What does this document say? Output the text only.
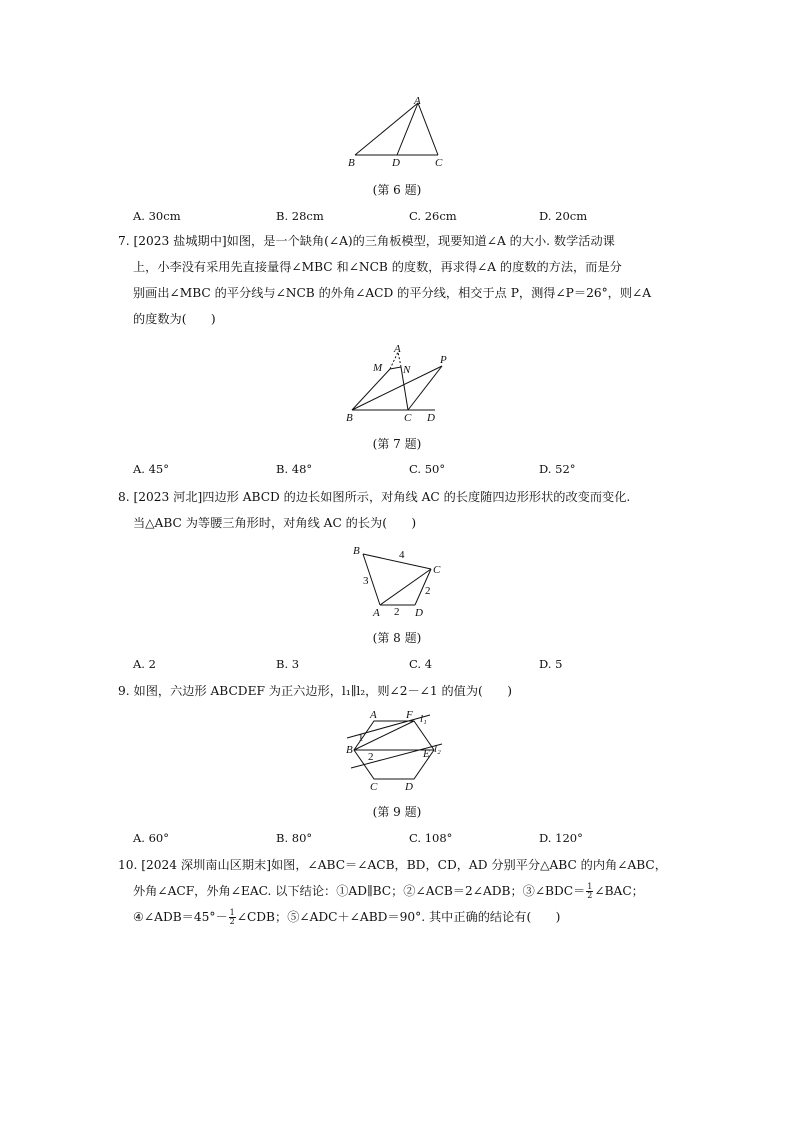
A
B	D	C
(第 6 题)
A. 30cm	B. 28cm	C. 26cm	D. 20cm
7. [2023 盐城期中]如图，是一个缺角(∠A)的三角板模型，现要知道∠A 的大小. 数学活动课
上，小李没有采用先直接量得∠MBC 和∠NCB 的度数，再求得∠A 的度数的方法，而是分
别画出∠MBC 的平分线与∠NCB 的外角∠ACD 的平分线，相交于点 P，测得∠P＝26°，则∠A
的度数为(　　)
A
M N
P
B	C D
(第 7 题)
A. 45°	B. 48°	C. 50°	D. 52°
8. [2023 河北]四边形 ABCD 的边长如图所示，对角线 AC 的长度随四边形形状的改变而变化.
当△ABC 为等腰三角形时，对角线 AC 的长为(　　)
B
C
A	D
4
3
2
2
(第 8 题)
A. 2	B. 3	C. 4	D. 5
9. 如图，六边形 ABCDEF 为正六边形，l₁∥l₂，则∠2－∠1 的值为(　　)
A	F l₁
B	E l₂
C	D
1
2
(第 9 题)
A. 60°	B. 80°	C. 108°	D. 120°
10. [2024 深圳南山区期末]如图，∠ABC＝∠ACB，BD，CD，AD 分别平分△ABC 的内角∠ABC，
外角∠ACF，外角∠EAC. 以下结论：①AD∥BC；②∠ACB＝2∠ADB；③∠BDC＝ $\frac{1}{2}$ ∠BAC；
④∠ADB＝45°－ $\frac{1}{2}$ ∠CDB；⑤∠ADC＋∠ABD＝90°. 其中正确的结论有(　　)
